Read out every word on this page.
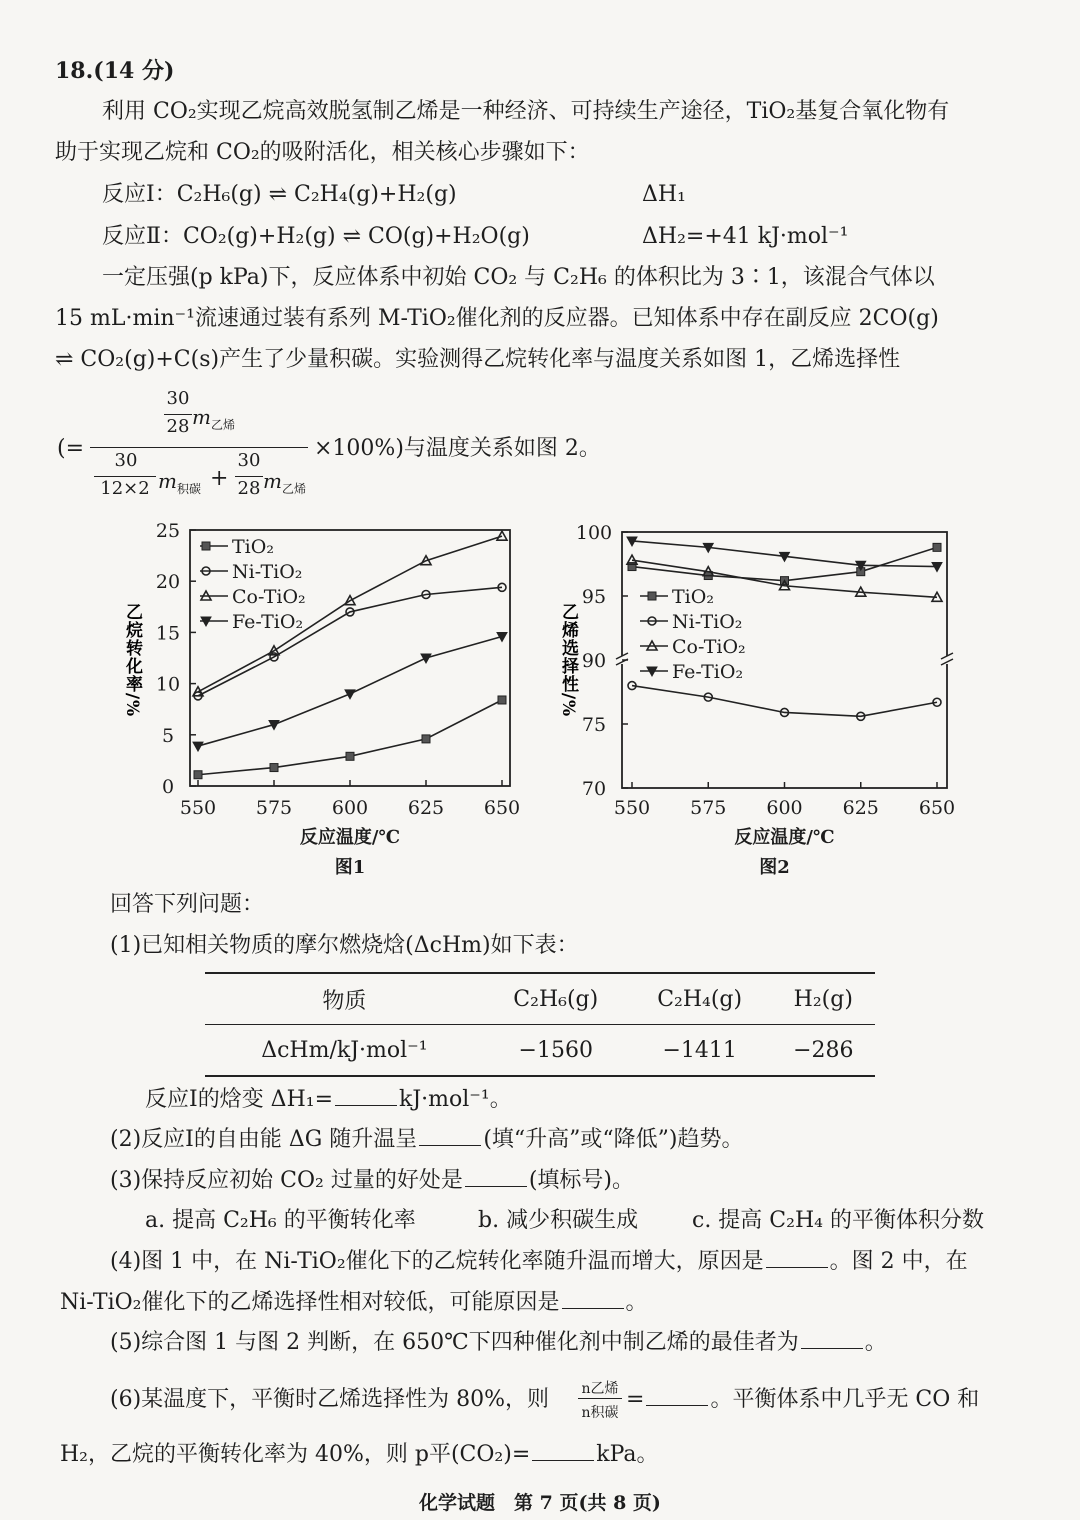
18.(14 分)
利用 CO₂实现乙烷高效脱氢制乙烯是一种经济、可持续生产途径，TiO₂基复合氧化物有
助于实现乙烷和 CO₂的吸附活化，相关核心步骤如下：
反应Ⅰ：C₂H₆(g) ⇌ C₂H₄(g)+H₂(g)	ΔH₁
反应Ⅱ：CO₂(g)+H₂(g) ⇌ CO(g)+H₂O(g)	ΔH₂=+41 kJ·mol⁻¹
一定压强(p kPa)下，反应体系中初始 CO₂ 与 C₂H₆ 的体积比为 3∶1，该混合气体以
15 mL·min⁻¹流速通过装有系列 M-TiO₂催化剂的反应器。已知体系中存在副反应 2CO(g)
⇌ CO₂(g)+C(s)产生了少量积碳。实验测得乙烷转化率与温度关系如图 1，乙烯选择性
(=
30
28 m 乙烯
30
12×2 m 积碳 +
30
28 m 乙烯
×100%)与温度关系如图 2。
0
5
10
15
20
25
550 575 600 625 650
反应温度/℃
图1
乙烷转化率/%
TiO₂
Ni-TiO₂
Co-TiO₂
Fe-TiO₂
70
75
90
95
100
550 575 600 625 650
反应温度/℃
图2
乙烯选择性/%
TiO₂
Ni-TiO₂
Co-TiO₂
Fe-TiO₂
回答下列问题：
(1)已知相关物质的摩尔燃烧焓(ΔcHm)如下表：
物质	C₂H₆(g)	C₂H₄(g)	H₂(g)
ΔcHm/kJ·mol⁻¹	−1560	−1411	−286
反应Ⅰ的焓变 ΔH₁=	kJ·mol⁻¹。
(2)反应Ⅰ的自由能 ΔG 随升温呈	(填“升高”或“降低”)趋势。
(3)保持反应初始 CO₂ 过量的好处是	(填标号)。
a. 提高 C₂H₆ 的平衡转化率	b. 减少积碳生成 c. 提高 C₂H₄ 的平衡体积分数
(4)图 1 中，在 Ni-TiO₂催化下的乙烷转化率随升温而增大，原因是	。图 2 中，在
Ni-TiO₂催化下的乙烯选择性相对较低，可能原因是	。
(5)综合图 1 与图 2 判断，在 650℃下四种催化剂中制乙烯的最佳者为	。
(6)某温度下，平衡时乙烯选择性为 80%，则 n乙烯
n积碳
=	。平衡体系中几乎无 CO 和
H₂，乙烷的平衡转化率为 40%，则 p平(CO₂)=	kPa。
化学试题　第 7 页(共 8 页)
